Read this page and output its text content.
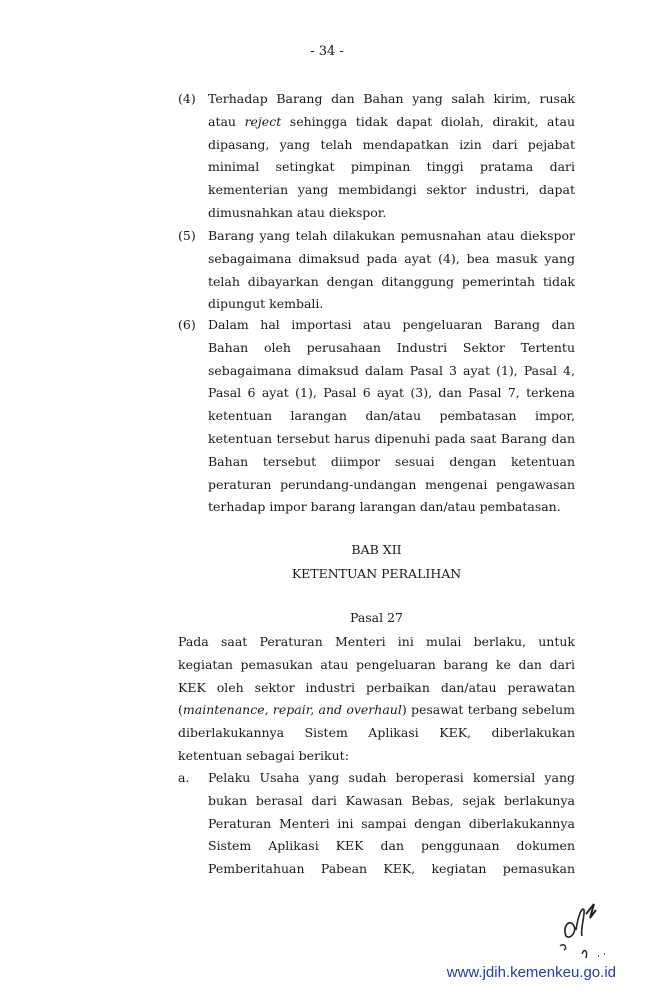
- 34 -
(4) Terhadap Barang dan Bahan yang salah kirim, rusak
atau reject sehingga tidak dapat diolah, dirakit, atau
dipasang, yang telah mendapatkan izin dari pejabat
minimal setingkat pimpinan tinggi pratama dari
kementerian yang membidangi sektor industri, dapat
dimusnahkan atau diekspor.
(5) Barang yang telah dilakukan pemusnahan atau diekspor
sebagaimana dimaksud pada ayat (4), bea masuk yang
telah dibayarkan dengan ditanggung pemerintah tidak
dipungut kembali.
(6) Dalam hal importasi atau pengeluaran Barang dan
Bahan oleh perusahaan Industri Sektor Tertentu
sebagaimana dimaksud dalam Pasal 3 ayat (1), Pasal 4,
Pasal 6 ayat (1), Pasal 6 ayat (3), dan Pasal 7, terkena
ketentuan larangan dan/atau pembatasan impor,
ketentuan tersebut harus dipenuhi pada saat Barang dan
Bahan tersebut diimpor sesuai dengan ketentuan
peraturan perundang-undangan mengenai pengawasan
terhadap impor barang larangan dan/atau pembatasan.
BAB XII
KETENTUAN PERALIHAN
Pasal 27
Pada saat Peraturan Menteri ini mulai berlaku, untuk
kegiatan pemasukan atau pengeluaran barang ke dan dari
KEK oleh sektor industri perbaikan dan/atau perawatan
(maintenance, repair, and overhaul) pesawat terbang sebelum
diberlakukannya Sistem Aplikasi KEK, diberlakukan
ketentuan sebagai berikut:
a. Pelaku Usaha yang sudah beroperasi komersial yang
bukan berasal dari Kawasan Bebas, sejak berlakunya
Peraturan Menteri ini sampai dengan diberlakukannya
Sistem Aplikasi KEK dan penggunaan dokumen
Pemberitahuan Pabean KEK, kegiatan pemasukan
www.jdih.kemenkeu.go.id
